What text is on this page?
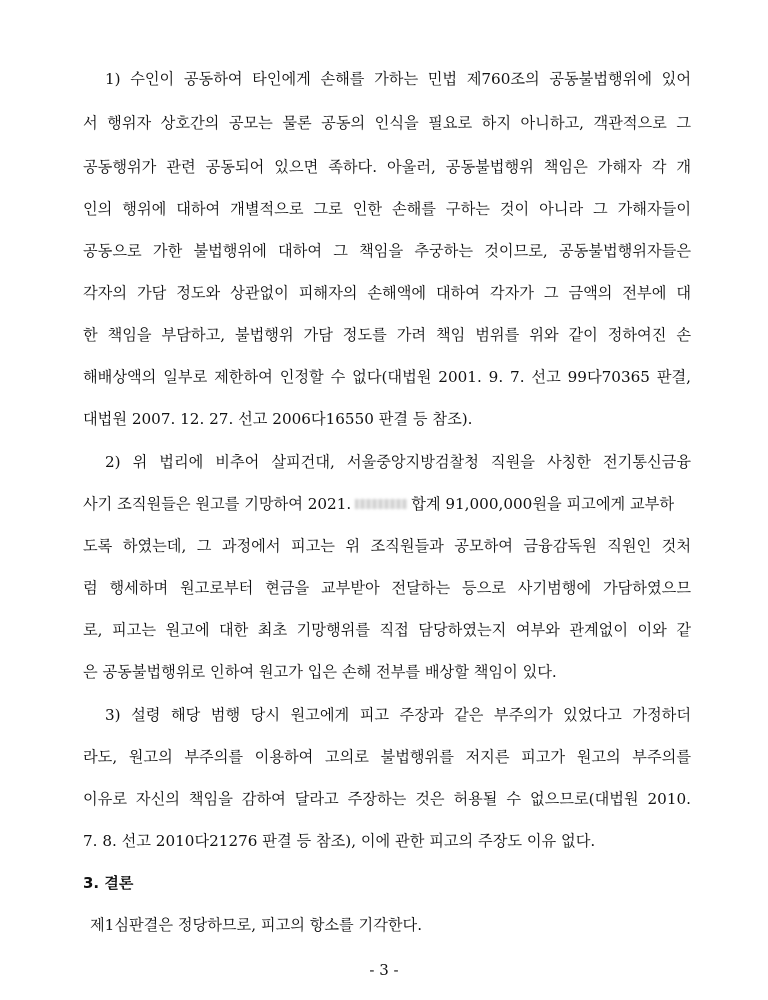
1) 수인이 공동하여 타인에게 손해를 가하는 민법 제760조의 공동불법행위에 있어
서 행위자 상호간의 공모는 물론 공동의 인식을 필요로 하지 아니하고, 객관적으로 그
공동행위가 관련 공동되어 있으면 족하다. 아울러, 공동불법행위 책임은 가해자 각 개
인의 행위에 대하여 개별적으로 그로 인한 손해를 구하는 것이 아니라 그 가해자들이
공동으로 가한 불법행위에 대하여 그 책임을 추궁하는 것이므로, 공동불법행위자들은
각자의 가담 정도와 상관없이 피해자의 손해액에 대하여 각자가 그 금액의 전부에 대
한 책임을 부담하고, 불법행위 가담 정도를 가려 책임 범위를 위와 같이 정하여진 손
해배상액의 일부로 제한하여 인정할 수 없다(대법원 2001. 9. 7. 선고 99다70365 판결,
대법원 2007. 12. 27. 선고 2006다16550 판결 등 참조).
2) 위 법리에 비추어 살피건대, 서울중앙지방검찰청 직원을 사칭한 전기통신금융
사기 조직원들은 원고를 기망하여 2021.	합계 91,000,000원을 피고에게 교부하
도록 하였는데, 그 과정에서 피고는 위 조직원들과 공모하여 금융감독원 직원인 것처
럼 행세하며 원고로부터 현금을 교부받아 전달하는 등으로 사기범행에 가담하였으므
로, 피고는 원고에 대한 최초 기망행위를 직접 담당하였는지 여부와 관계없이 이와 같
은 공동불법행위로 인하여 원고가 입은 손해 전부를 배상할 책임이 있다.
3) 설령 해당 범행 당시 원고에게 피고 주장과 같은 부주의가 있었다고 가정하더
라도, 원고의 부주의를 이용하여 고의로 불법행위를 저지른 피고가 원고의 부주의를
이유로 자신의 책임을 감하여 달라고 주장하는 것은 허용될 수 없으므로(대법원 2010.
7. 8. 선고 2010다21276 판결 등 참조), 이에 관한 피고의 주장도 이유 없다.
3. 결론
제1심판결은 정당하므로, 피고의 항소를 기각한다.
- 3 -
